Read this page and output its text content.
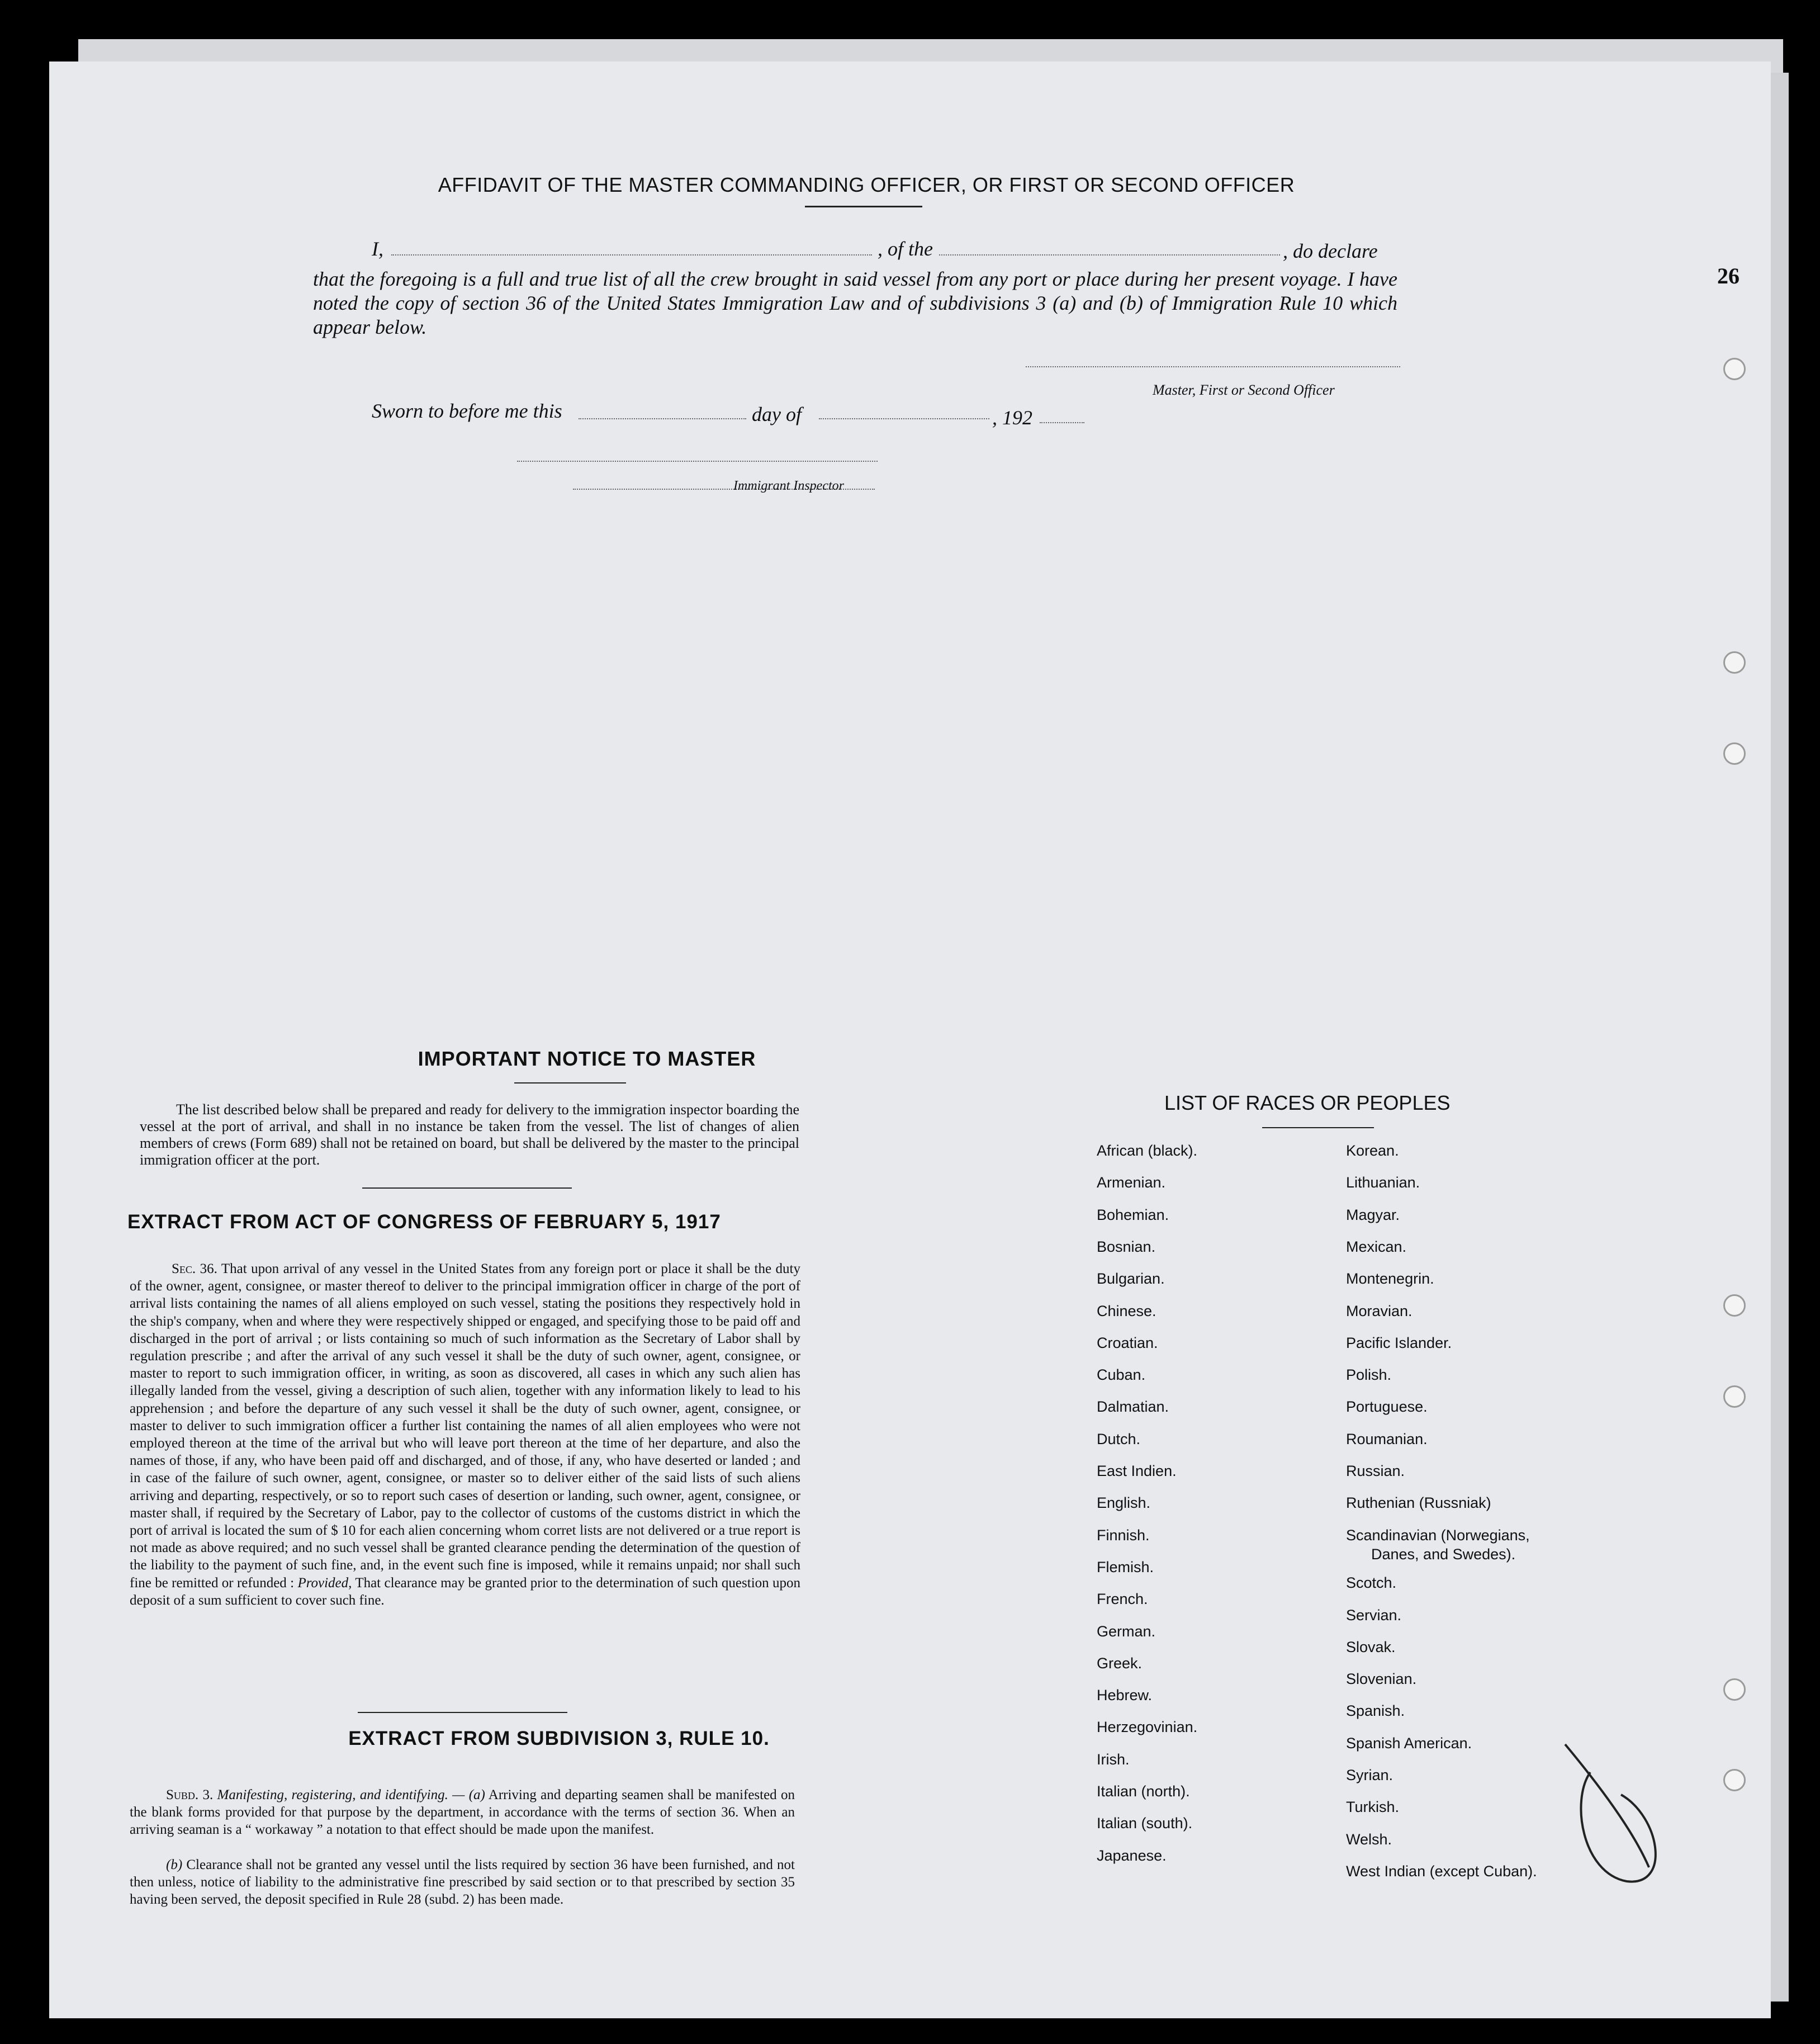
26
AFFIDAVIT OF THE MASTER COMMANDING OFFICER, OR FIRST OR SECOND OFFICER
I,	, of the	, do declare
that the foregoing is a full and true list of all the crew brought in said vessel from any port or place during her present voyage. I have noted the copy of section 36 of the United States Immigration Law and of subdivisions 3 (a) and (b) of Immigration Rule 10 which appear below.
Master, First or Second Officer
Sworn to before me this	day of	, 192
Immigrant Inspector
IMPORTANT NOTICE TO MASTER
The list described below shall be prepared and ready for delivery to the immigration inspector boarding the vessel at the port of arrival, and shall in no instance be taken from the vessel. The list of changes of alien members of crews (Form 689) shall not be retained on board, but shall be delivered by the master to the principal immigration officer at the port.
EXTRACT FROM ACT OF CONGRESS OF FEBRUARY 5, 1917
Sec. 36. That upon arrival of any vessel in the United States from any foreign port or place it shall be the duty of the owner, agent, consignee, or master thereof to deliver to the principal immigration officer in charge of the port of arrival lists containing the names of all aliens employed on such vessel, stating the positions they respectively hold in the ship's company, when and where they were respectively shipped or engaged, and specifying those to be paid off and discharged in the port of arrival ; or lists containing so much of such information as the Secretary of Labor shall by regulation prescribe ; and after the arrival of any such vessel it shall be the duty of such owner, agent, consignee, or master to report to such immigration officer, in writing, as soon as discovered, all cases in which any such alien has illegally landed from the vessel, giving a description of such alien, together with any information likely to lead to his apprehension ; and before the departure of any such vessel it shall be the duty of such owner, agent, consignee, or master to deliver to such immigration officer a further list containing the names of all alien employees who were not employed thereon at the time of the arrival but who will leave port thereon at the time of her departure, and also the names of those, if any, who have been paid off and discharged, and of those, if any, who have deserted or landed ; and in case of the failure of such owner, agent, consignee, or master so to deliver either of the said lists of such aliens arriving and departing, respectively, or so to report such cases of desertion or landing, such owner, agent, consignee, or master shall, if required by the Secretary of Labor, pay to the collector of customs of the customs district in which the port of arrival is located the sum of $ 10 for each alien concerning whom corret lists are not delivered or a true report is not made as above required; and no such vessel shall be granted clearance pending the determination of the question of the liability to the payment of such fine, and, in the event such fine is imposed, while it remains unpaid; nor shall such fine be remitted or refunded : Provided, That clearance may be granted prior to the determination of such question upon deposit of a sum sufficient to cover such fine.
EXTRACT FROM SUBDIVISION 3, RULE 10.
Subd. 3. Manifesting, registering, and identifying. — (a) Arriving and departing seamen shall be manifested on the blank forms provided for that purpose by the department, in accordance with the terms of section 36. When an arriving seaman is a “ workaway ” a notation to that effect should be made upon the manifest.
(b) Clearance shall not be granted any vessel until the lists required by section 36 have been furnished, and not then unless, notice of liability to the administrative fine prescribed by said section or to that prescribed by section 35 having been served, the deposit specified in Rule 28 (subd. 2) has been made.
LIST OF RACES OR PEOPLES
African (black).
Armenian.
Bohemian.
Bosnian.
Bulgarian.
Chinese.
Croatian.
Cuban.
Dalmatian.
Dutch.
East Indien.
English.
Finnish.
Flemish.
French.
German.
Greek.
Hebrew.
Herzegovinian.
Irish.
Italian (north).
Italian (south).
Japanese.
Korean.
Lithuanian.
Magyar.
Mexican.
Montenegrin.
Moravian.
Pacific Islander.
Polish.
Portuguese.
Roumanian.
Russian.
Ruthenian (Russniak)
Scandinavian (Norwegians,
Danes, and Swedes).
Scotch.
Servian.
Slovak.
Slovenian.
Spanish.
Spanish American.
Syrian.
Turkish.
Welsh.
West Indian (except Cuban).
